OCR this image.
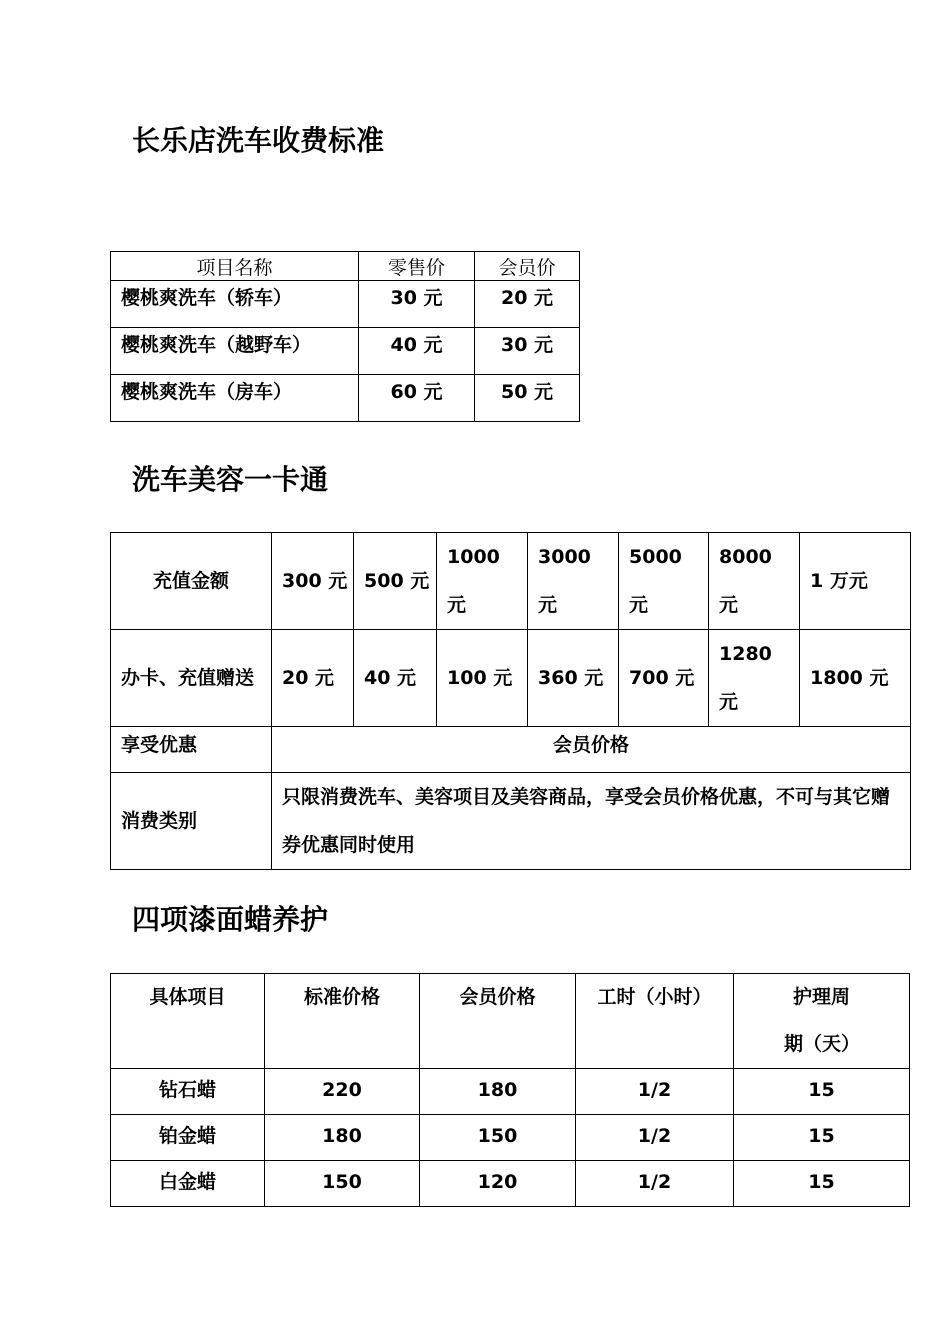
长乐店洗车收费标准
项目名称	零售价	会员价
樱桃爽洗车（轿车）	30 元	20 元
樱桃爽洗车（越野车）	40 元	30 元
樱桃爽洗车（房车）	60 元	50 元
洗车美容一卡通
充值金额	300 元	500 元	1000 元	3000 元	5000 元	8000 元	1 万元
办卡、充值赠送	20 元	40 元	100 元	360 元	700 元	1280 元	1800 元
享受优惠	会员价格						
消费类别	只限消费洗车、美容项目及美容商品，享受会员价格优惠，不可与其它赠券优惠同时使用						
四项漆面蜡养护
具体项目	标准价格	会员价格	工时（小时）	护理周期（天）
钻石蜡	220	180	1/2	15
铂金蜡	180	150	1/2	15
白金蜡	150	120	1/2	15
